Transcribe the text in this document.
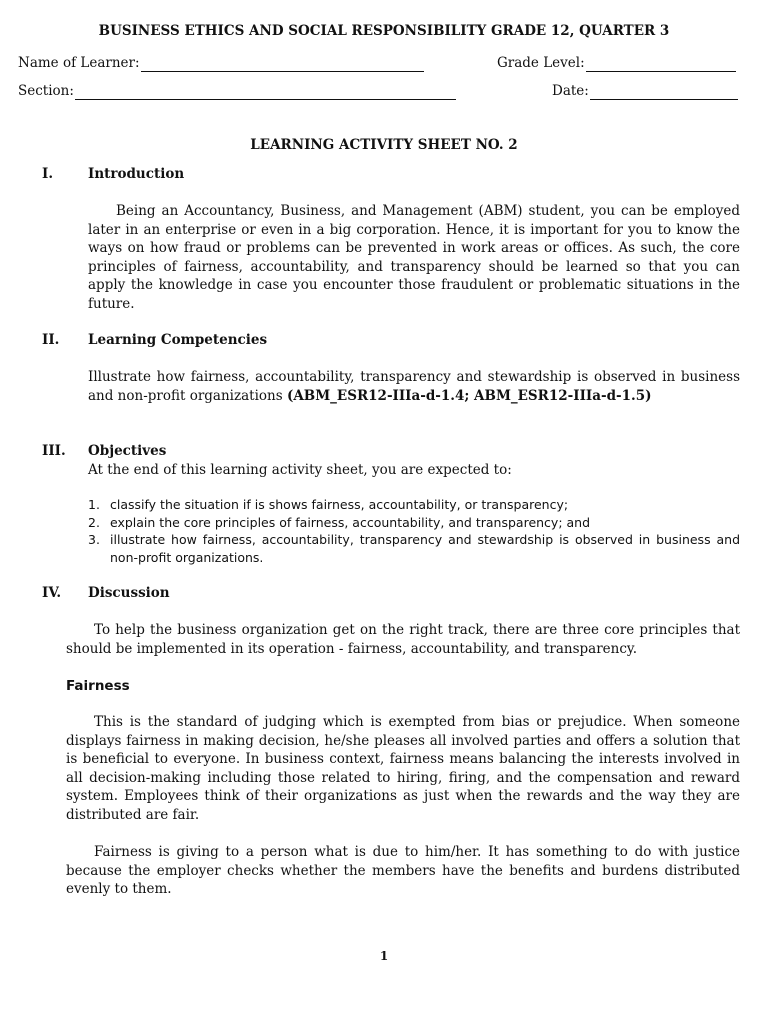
BUSINESS ETHICS AND SOCIAL RESPONSIBILITY GRADE 12, QUARTER 3
Name of Learner:	Grade Level:
Section:	Date:
LEARNING ACTIVITY SHEET NO. 2
I.	Introduction
Being an Accountancy, Business, and Management (ABM) student, you can be employed later in an enterprise or even in a big corporation. Hence, it is important for you to know the ways on how fraud or problems can be prevented in work areas or offices. As such, the core principles of fairness, accountability, and transparency should be learned so that you can apply the knowledge in case you encounter those fraudulent or problematic situations in the future.
II. Learning Competencies
Illustrate how fairness, accountability, transparency and stewardship is observed in business and non-profit organizations (ABM_ESR12-IIIa-d-1.4; ABM_ESR12-IIIa-d-1.5)
III. Objectives
At the end of this learning activity sheet, you are expected to:
1. classify the situation if is shows fairness, accountability, or transparency;
2. explain the core principles of fairness, accountability, and transparency; and
3. illustrate how fairness, accountability, transparency and stewardship is observed in business and non-profit organizations.
IV. Discussion
To help the business organization get on the right track, there are three core principles that should be implemented in its operation - fairness, accountability, and transparency.
Fairness
This is the standard of judging which is exempted from bias or prejudice. When someone displays fairness in making decision, he/she pleases all involved parties and offers a solution that is beneficial to everyone. In business context, fairness means balancing the interests involved in all decision-making including those related to hiring, firing, and the compensation and reward system. Employees think of their organizations as just when the rewards and the way they are distributed are fair.
Fairness is giving to a person what is due to him/her. It has something to do with justice because the employer checks whether the members have the benefits and burdens distributed evenly to them.
1
